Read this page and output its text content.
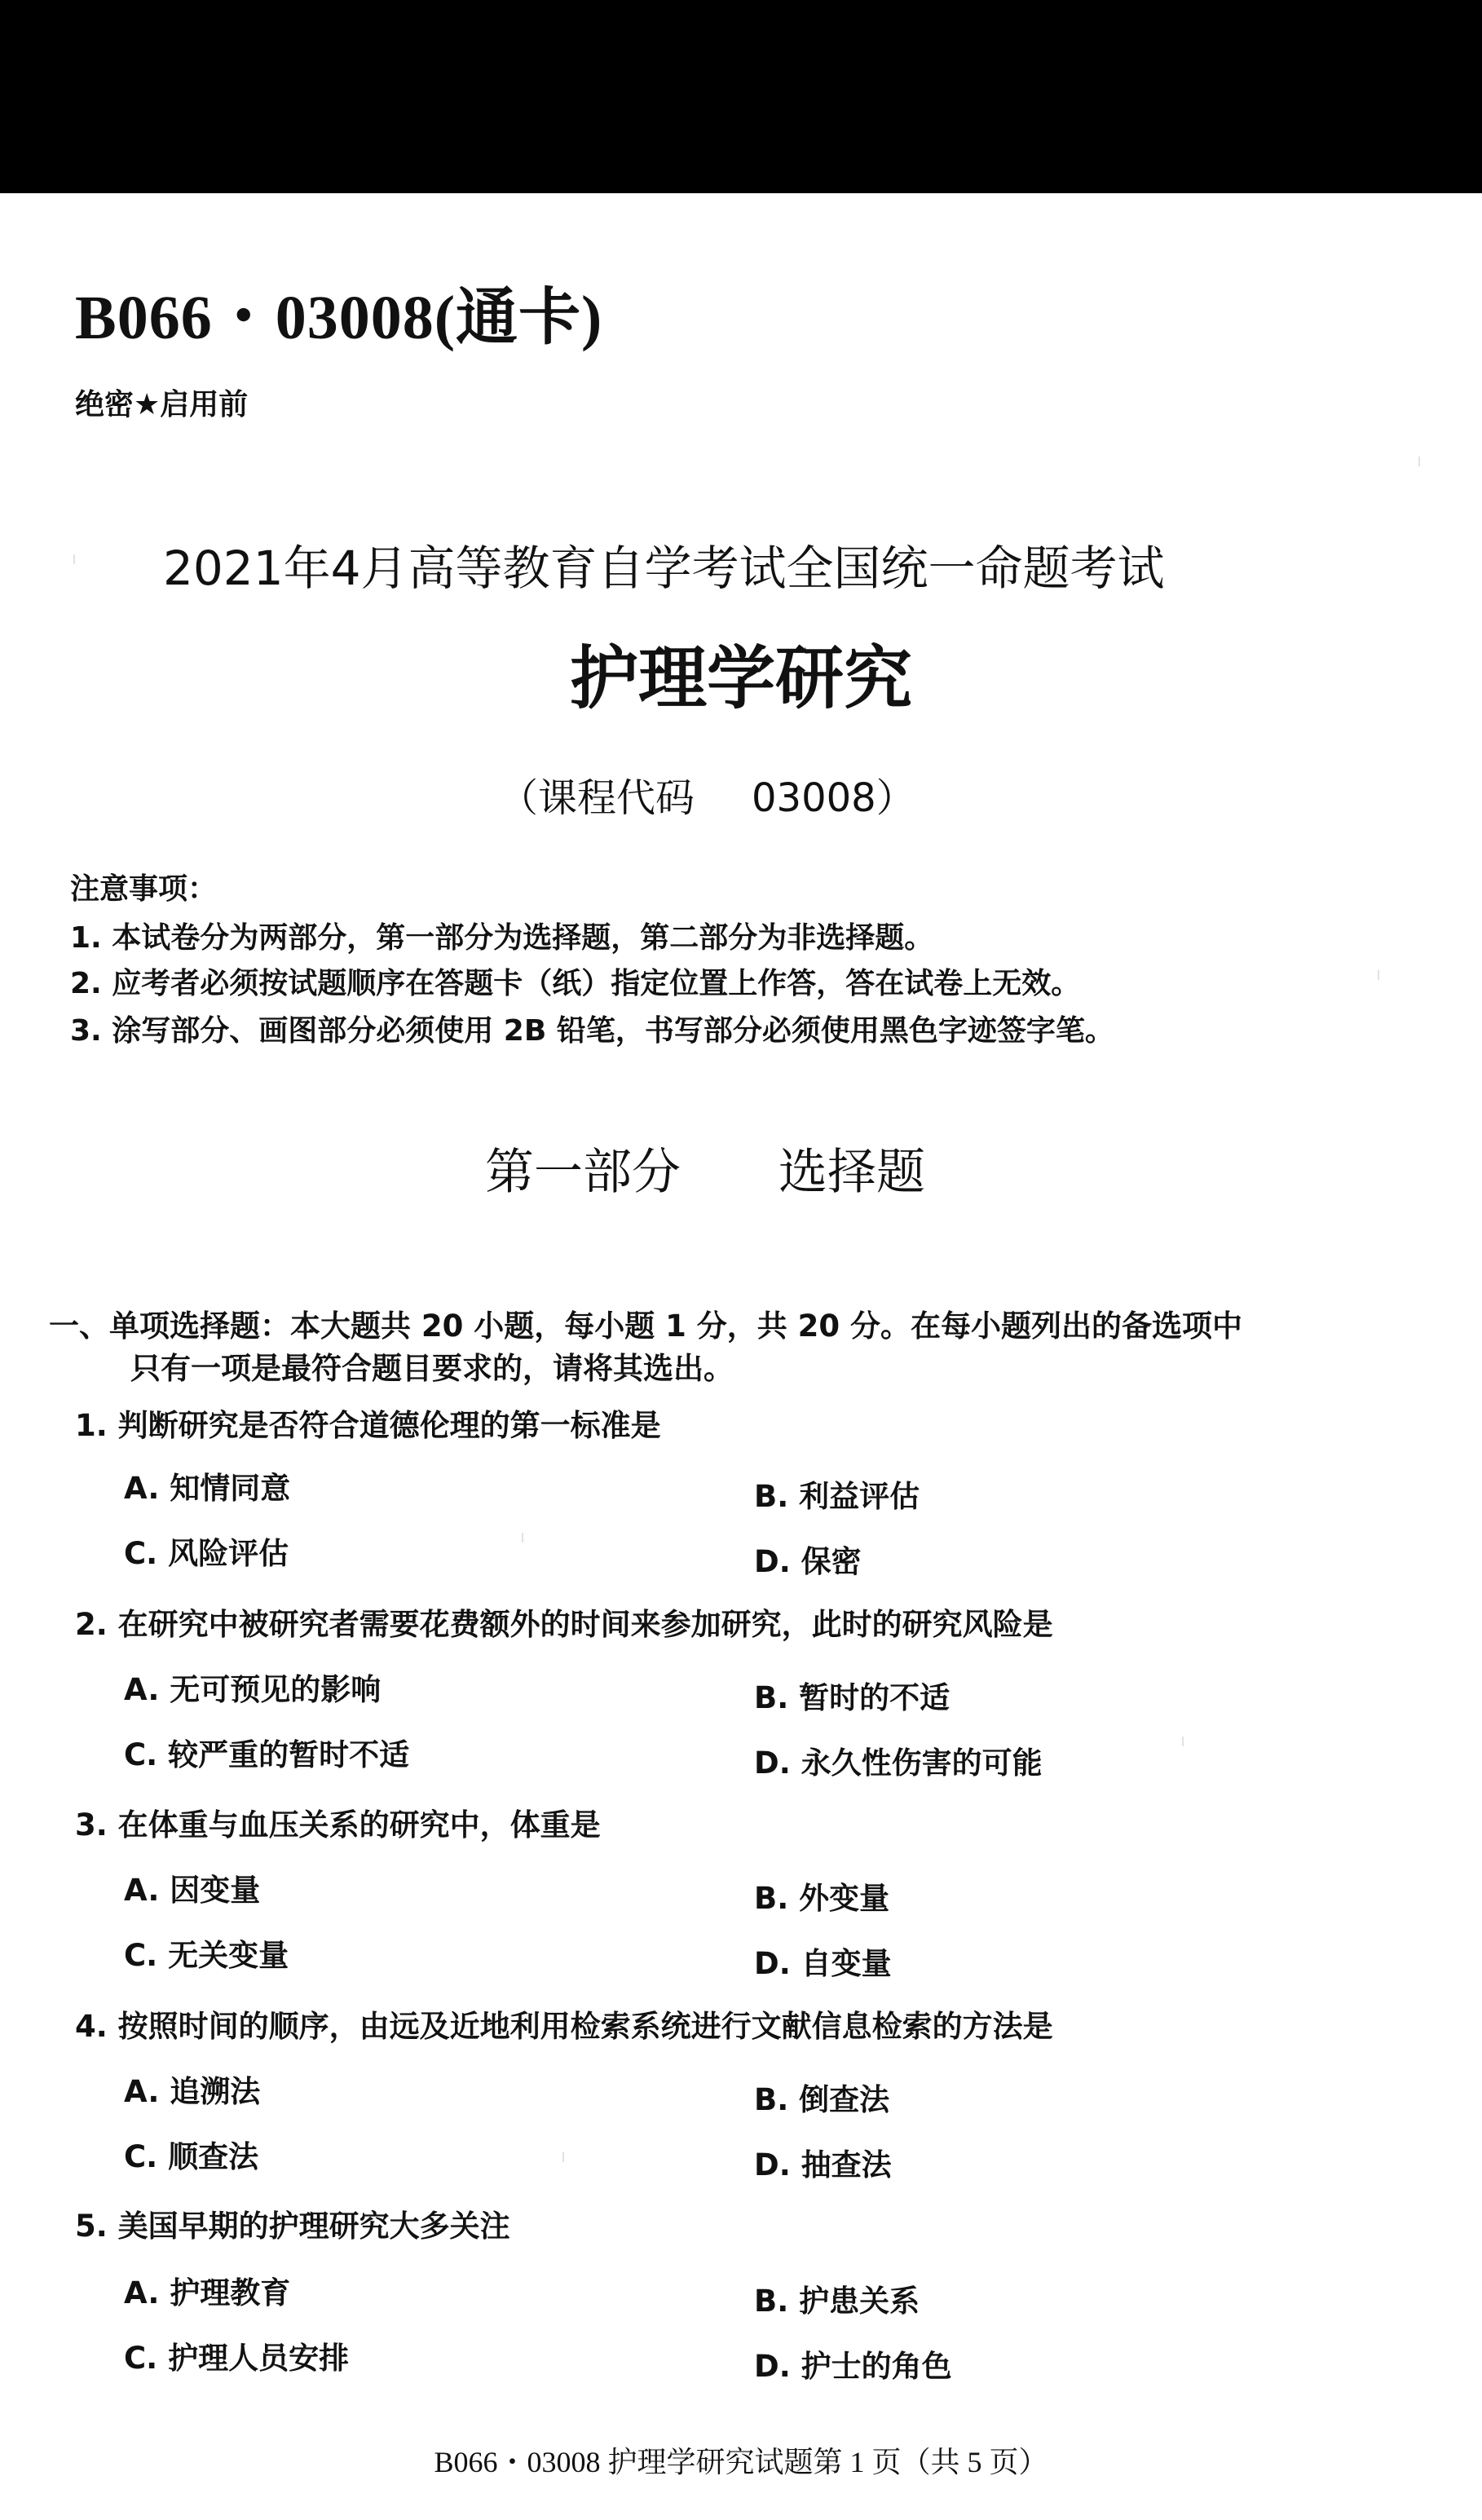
B066・03008(通卡)
绝密★启用前
2021年4月高等教育自学考试全国统一命题考试
护理学研究
（课程代码 03008）
注意事项：
1. 本试卷分为两部分，第一部分为选择题，第二部分为非选择题。
2. 应考者必须按试题顺序在答题卡（纸）指定位置上作答，答在试卷上无效。
3. 涂写部分、画图部分必须使用 2B 铅笔，书写部分必须使用黑色字迹签字笔。
第一部分 选择题
一、单项选择题：本大题共 20 小题，每小题 1 分，共 20 分。在每小题列出的备选项中
只有一项是最符合题目要求的，请将其选出。
1. 判断研究是否符合道德伦理的第一标准是
A. 知情同意	B. 利益评估
C. 风险评估	D. 保密
2. 在研究中被研究者需要花费额外的时间来参加研究，此时的研究风险是
A. 无可预见的影响	B. 暂时的不适
C. 较严重的暂时不适	D. 永久性伤害的可能
3. 在体重与血压关系的研究中，体重是
A. 因变量	B. 外变量
C. 无关变量	D. 自变量
4. 按照时间的顺序，由远及近地利用检索系统进行文献信息检索的方法是
A. 追溯法	B. 倒查法
C. 顺查法	D. 抽查法
5. 美国早期的护理研究大多关注
A. 护理教育	B. 护患关系
C. 护理人员安排	D. 护士的角色
B066・03008 护理学研究试题第 1 页（共 5 页）
